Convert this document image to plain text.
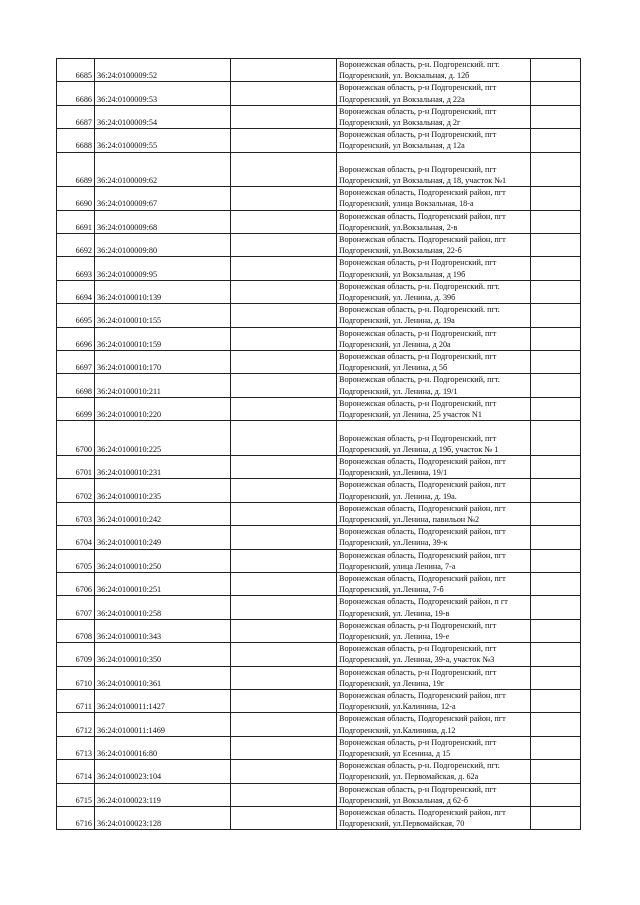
6685	36:24:0100009:52		Воронежская область, р-н. Подгоренский. пгт.
Подгоренский, ул. Вокзальная, д. 12б	

6686	36:24:0100009:53		Воронежская область, р-н Подгоренский, пгт
Подгоренский, ул Вокзальная, д 22а	

6687	36:24:0100009:54		Воронежская область, р-н Подгоренский, пгт
Подгоренский, ул Вокзальная, д 2г	

6688	36:24:0100009:55		Воронежская область, р-н Подгоренский, пгт
Подгоренский, ул Вокзальная, д 12а	

6689	36:24:0100009:62		Воронежская область, р-н Подгоренский, пгт
Подгоренский, ул Вокзальная, д 18, участок №1	

6690	36:24:0100009:67		Воронежская область, Подгоренский район, пгт
Подгоренский, улица Вокзальная, 18-а	

6691	36:24:0100009:68		Воронежская область, Подгоренский район, пгт
Подгоренский, ул.Вокзальная, 2-в	

6692	36:24:0100009:80		Воронежская область. Подгоренский район, пгт
Подгоренский, ул.Вокзальная, 22-б	

6693	36:24:0100009:95		Воронежская область, р-н Подгоренский, пгт
Подгоренский, ул Вокзальная, д 19б	

6694	36:24:0100010:139		Воронежская область, р-н. Подгоренский. пгт.
Подгоренский, ул. Ленина, д. 39б	

6695	36:24:0100010:155		Воронежская область, р-н. Подгоренский. пгт.
Подгоренский, ул. Ленина, д. 19а	

6696	36:24:0100010:159		Воронежская область, р-н Подгоренский, пгт
Подгоренский, ул Ленина, д 20а	

6697	36:24:0100010:170		Воронежская область, р-н Подгоренский, пгт
Подгоренский, ул Ленина, д 5б	

6698	36:24:0100010:211		Воронежская область, р-н. Подгоренский, пгт.
Подгоренский, ул. Ленина, д. 19/1	

6699	36:24:0100010:220		Воронежская область, р-н Подгоренский, пгт
Подгоренский, ул Ленина, 25 участок N1	

6700	36:24:0100010:225		Воронежская область, р-н Подгоренский, пгт
Подгоренский, ул Ленина, д 19б, участок № 1	

6701	36:24:0100010:231		Воронежская область, Подгоренский район, пгт
Подгоренский, ул.Ленина, 19/1	

6702	36:24:0100010:235		Воронежская область, Подгоренский район, пгт
Подгоренский, ул. Ленина, д. 19а.	

6703	36:24:0100010:242		Воронежская область, Подгоренский район, пгт
Подгоренский, ул.Ленина, павильон №2	

6704	36:24:0100010:249		Воронежская область, Подгоренский район, пгт
Подгоренский, ул.Ленина, 39-к	

6705	36:24:0100010:250		Воронежская область, Подгоренский район, пгт
Подгоренский, улица Ленина, 7-а	

6706	36:24:0100010:251		Воронежская область, Подгоренский район, пгт
Подгоренский, ул.Ленина, 7-б	

6707	36:24:0100010:258		Воронежская область, Подгоренский район, п гт
Подгоренский, ул. Ленина, 19-в	

6708	36:24:0100010:343		Воронежская область, р-н Подгоренский, пгт
Подгоренский, ул. Ленина, 19-е	

6709	36:24:0100010:350		Воронежская область, р-н Подгоренский, пгт
Подгоренский, ул. Ленина, 39-а, участок №3	

6710	36:24:0100010:361		Воронежская область, р-н Подгоренский, пгт
Подгоренский, ул Ленина, 19г	

6711	36:24:0100011:1427		Воронежская область, Подгоренский район, пгт
Подгоренский, ул.Калинина, 12-а	

6712	36:24:0100011:1469		Воронежская область, Подгоренский район, пгт
Подгоренский, ул.Калинина, д.12	

6713	36:24:0100016:80		Воронежская область, р-н Подгоренский, пгт
Подгоренский, ул Есенина, д 15	

6714	36:24:0100023:104		Воронежская область, р-н. Подгоренский, пгт.
Подгоренский, ул. Первомайская, д. 62а	

6715	36:24:0100023:119		Воронежская область, р-н Подгоренский, пгт
Подгоренский, ул Вокзальная, д 62-б	

6716	36:24:0100023:128		Воронежская область. Подгоренский район, пгт
Подгоренский, ул.Первомайская, 70	
